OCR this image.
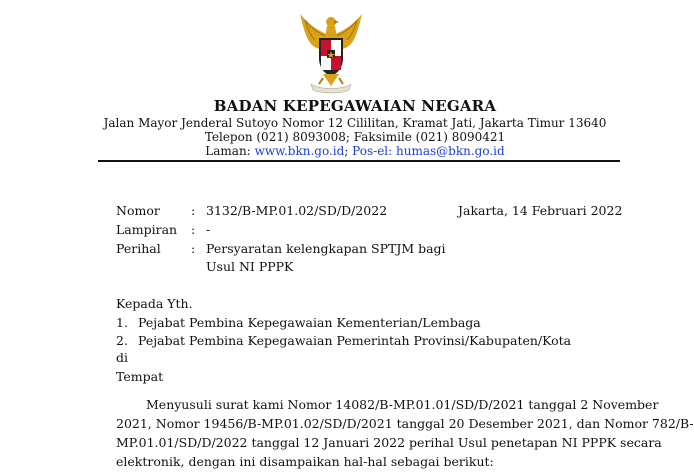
BADAN KEPEGAWAIAN NEGARA
Jalan Mayor Jenderal Sutoyo Nomor 12 Cililitan, Kramat Jati, Jakarta Timur 13640
Telepon (021) 8093008; Faksimile (021) 8090421
Laman: www.bkn.go.id; Pos-el: humas@bkn.go.id
Nomor : 3132/B-MP.01.02/SD/D/2022	Jakarta, 14 Februari 2022
Lampiran : -
Perihal : Persyaratan kelengkapan SPTJM bagi
Usul NI PPPK
Kepada Yth.
1. Pejabat Pembina Kepegawaian Kementerian/Lembaga
2. Pejabat Pembina Kepegawaian Pemerintah Provinsi/Kabupaten/Kota
di
Tempat
Menyusuli surat kami Nomor 14082/B-MP.01.01/SD/D/2021 tanggal 2 November
2021, Nomor 19456/B-MP.01.02/SD/D/2021 tanggal 20 Desember 2021, dan Nomor 782/B-
MP.01.01/SD/D/2022 tanggal 12 Januari 2022 perihal Usul penetapan NI PPPK secara
elektronik, dengan ini disampaikan hal-hal sebagai berikut:
